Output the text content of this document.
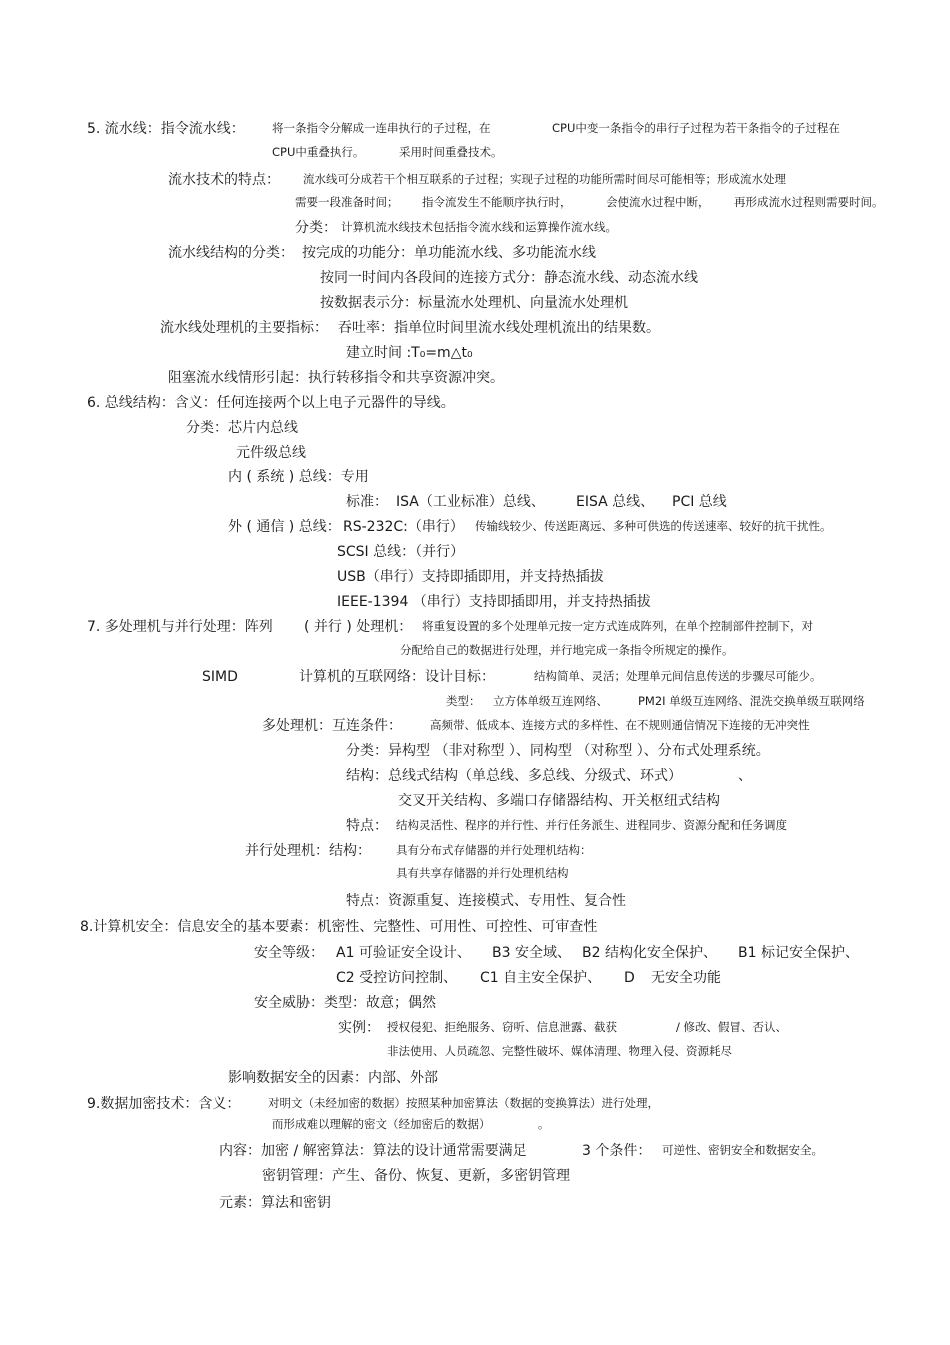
5. 流水线：指令流水线： 将一条指令分解成一连串执行的子过程，在	CPU中变一条指令的串行子过程为若干条指令的子过程在
CPU中重叠执行。	采用时间重叠技术。
流水技术的特点： 流水线可分成若干个相互联系的子过程；实现子过程的功能所需时间尽可能相等；形成流水处理
需要一段准备时间； 指令流发生不能顺序执行时，	会使流水过程中断， 再形成流水过程则需要时间。
分类： 计算机流水线技术包括指令流水线和运算操作流水线。
流水线结构的分类： 按完成的功能分：单功能流水线、多功能流水线
按同一时间内各段间的连接方式分：静态流水线、动态流水线
按数据表示分：标量流水处理机、向量流水处理机
流水线处理机的主要指标： 吞吐率：指单位时间里流水线处理机流出的结果数。
建立时间 :T₀=m△t₀
阻塞流水线情形引起：执行转移指令和共享资源冲突。
6. 总线结构：含义：任何连接两个以上电子元器件的导线。
分类：芯片内总线
元件级总线
内 ( 系统 ) 总线：专用
标准： ISA（工业标准）总线、 EISA 总线、 PCI 总线
外 ( 通信 ) 总线： RS-232C:（串行） 传输线较少、传送距离远、多种可供选的传送速率、较好的抗干扰性。
SCSI 总线：（并行）
USB（串行）支持即插即用，并支持热插拔
IEEE-1394 （串行）支持即插即用，并支持热插拔
7. 多处理机与并行处理：阵列 ( 并行 ) 处理机： 将重复设置的多个处理单元按一定方式连成阵列，在单个控制部件控制下，对
分配给自己的数据进行处理，并行地完成一条指令所规定的操作。
SIMD	计算机的互联网络：设计目标：	结构简单、灵活；处理单元间信息传送的步骤尽可能少。
类型： 立方体单级互连网络、	PM2I 单级互连网络、混洗交换单级互联网络
多处理机：互连条件： 高频带、低成本、连接方式的多样性、在不规则通信情况下连接的无冲突性
分类：异构型 （非对称型 ）、同构型 （对称型 ）、分布式处理系统。
结构：总线式结构（单总线、多总线、分级式、环式）	、
交叉开关结构、多端口存储器结构、开关枢纽式结构
特点： 结构灵活性、程序的并行性、并行任务派生、进程同步、资源分配和任务调度
并行处理机：结构： 具有分布式存储器的并行处理机结构：
具有共享存储器的并行处理机结构
特点：资源重复、连接模式、专用性、复合性
8.计算机安全：信息安全的基本要素：机密性、完整性、可用性、可控性、可审查性
安全等级： A1 可验证安全设计、 B3 安全域、 B2 结构化安全保护、 B1 标记安全保护、
C2 受控访问控制、 C1 自主安全保护、 D 无安全功能
安全威胁：类型：故意；偶然
实例： 授权侵犯、拒绝服务、窃听、信息泄露、截获	/ 修改、假冒、否认、
非法使用、人员疏忽、完整性破坏、媒体清理、物理入侵、资源耗尽
影响数据安全的因素：内部、外部
9.数据加密技术：含义： 对明文（未经加密的数据）按照某种加密算法（数据的变换算法）进行处理，
而形成难以理解的密文（经加密后的数据）	。
内容：加密 / 解密算法：算法的设计通常需要满足	3 个条件： 可逆性、密钥安全和数据安全。
密钥管理：产生、备份、恢复、更新，多密钥管理
元素：算法和密钥
